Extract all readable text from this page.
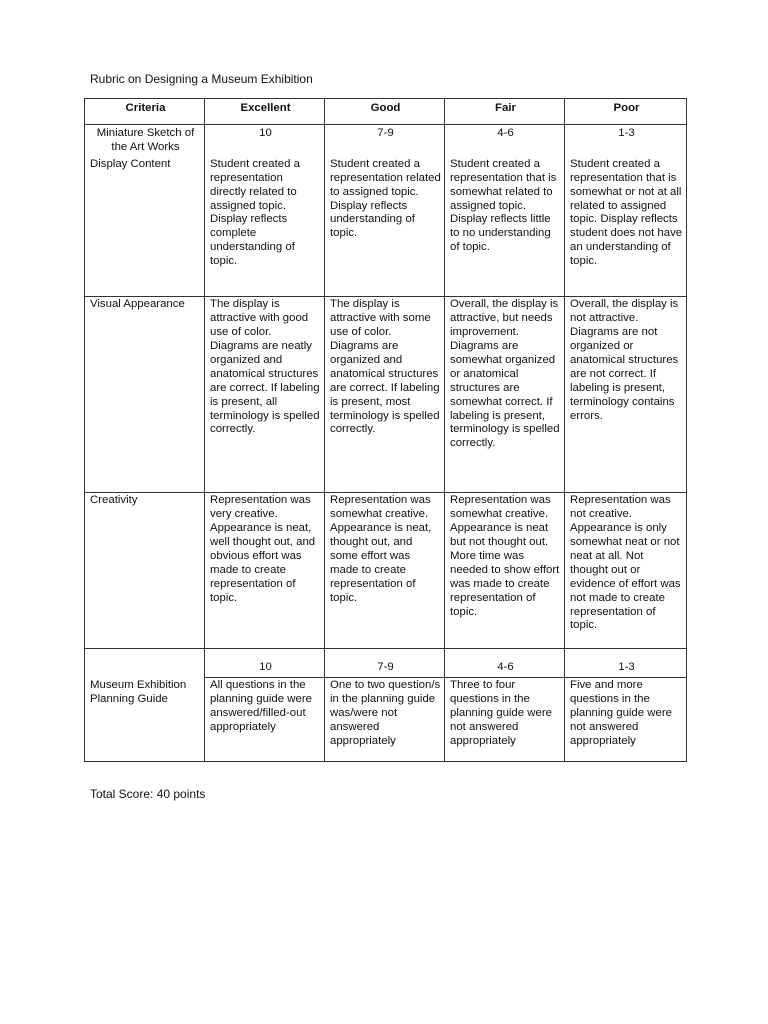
Rubric on Designing a Museum Exhibition
Criteria	Excellent	Good	Fair	Poor
Miniature Sketch of the Art Works	10	7-9	4-6	1-3
Display Content	Student created a representation directly related to assigned topic. Display reflects complete understanding of topic.	Student created a representation related to assigned topic. Display reflects understanding of topic.	Student created a representation that is somewhat related to assigned topic. Display reflects little to no understanding of topic.	Student created a representation that is somewhat or not at all related to assigned topic. Display reflects student does not have an understanding of topic.
Visual Appearance	The display is attractive with good use of color. Diagrams are neatly organized and anatomical structures are correct. If labeling is present, all terminology is spelled correctly.	The display is attractive with some use of color. Diagrams are organized and anatomical structures are correct. If labeling is present, most terminology is spelled correctly.	Overall, the display is attractive, but needs improvement. Diagrams are somewhat organized or anatomical structures are somewhat correct. If labeling is present, terminology is spelled correctly.	Overall, the display is not attractive. Diagrams are not organized or anatomical structures are not correct. If labeling is present, terminology contains errors.
Creativity	Representation was very creative. Appearance is neat, well thought out, and obvious effort was made to create representation of topic.	Representation was somewhat creative. Appearance is neat, thought out, and some effort was made to create representation of topic.	Representation was somewhat creative. Appearance is neat but not thought out. More time was needed to show effort was made to create representation of topic.	Representation was not creative. Appearance is only somewhat neat or not neat at all. Not thought out or evidence of effort was not made to create representation of topic.
	10	7-9	4-6	1-3
Museum Exhibition Planning Guide	All questions in the planning guide were answered/filled-out appropriately	One to two question/s in the planning guide was/were not answered appropriately	Three to four questions in the planning guide were not answered appropriately	Five and more questions in the planning guide were not answered appropriately
Total Score: 40 points
